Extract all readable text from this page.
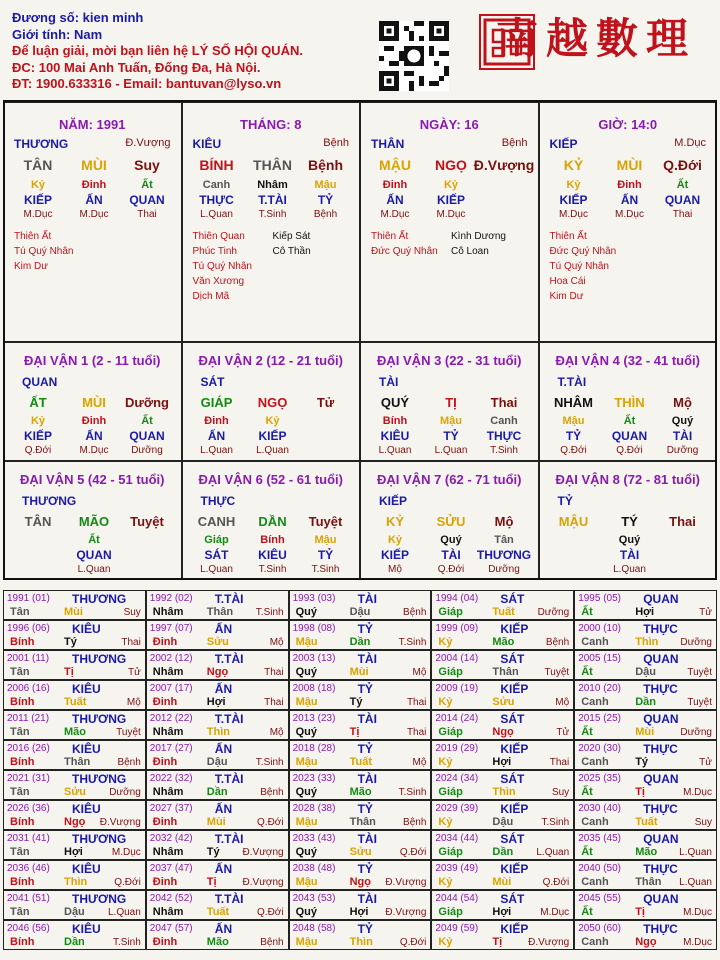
Đương số: kien minh
Giới tính: Nam
Để luận giải, mời bạn liên hệ LÝ SỐ HỘI QUÁN.
ĐC: 100 Mai Anh Tuấn, Đống Đa, Hà Nội.
ĐT: 1900.633316 - Email: bantuvan@lyso.vn
南越數理
NĂM: 1991
THƯƠNG	Đ.Vượng
TÂN MÙI Suy
Kỷ	Đinh	Ất
KIẾP	ẤN QUAN
M.Dục	M.Dục	Thai
Thiên Ất
Tú Quý Nhân
Kim Dư
THÁNG: 8
KIÊU	Bệnh
BÍNH THÂN Bệnh
Canh Nhâm Mậu
THỰC T.TÀI	TỶ
L.Quan	T.Sinh	Bệnh
Thiên Quan
Phúc Tinh
Tú Quý Nhân
Văn Xương
Dịch Mã
Kiếp Sát
Cô Thần
NGÀY: 16
THÂN	Bệnh
MẬU NGỌ Đ.Vượng
Đinh	Kỷ
ẤN	KIẾP
M.Dục	M.Dục
Thiên Ất
Đức Quý Nhân
Kình Dương
Cô Loan
GIỜ: 14:0
KIẾP	M.Dục
KỶ MÙI Q.Đới
Kỷ	Đinh	Ất
KIẾP	ẤN QUAN
M.Dục	M.Dục	Thai
Thiên Ất
Đức Quý Nhân
Tú Quý Nhân
Hoa Cái
Kim Dư
ĐẠI VẬN 1 (2 - 11 tuổi)
QUAN
ẤT	MÙI Dưỡng
Kỷ	Đinh	Ất
KIẾP	ẤN QUAN
Q.Đới	M.Dục Dưỡng
ĐẠI VẬN 2 (12 - 21 tuổi)
SÁT
GIÁP NGỌ Tử
Đinh	Kỷ
ẤN	KIẾP
L.Quan L.Quan
ĐẠI VẬN 3 (22 - 31 tuổi)
TÀI
QUÝ	TỊ	Thai
Bính	Mậu	Canh
KIÊU	TỶ THỰC
L.Quan L.Quan T.Sinh
ĐẠI VẬN 4 (32 - 41 tuổi)
T.TÀI
NHÂM THÌN Mộ
Mậu	Ất	Quý
TỶ	QUAN TÀI
Q.Đới	Q.Đới Dưỡng
ĐẠI VẬN 5 (42 - 51 tuổi)
THƯƠNG
TÂN MÃO Tuyệt
Ất
QUAN
L.Quan
ĐẠI VẬN 6 (52 - 61 tuổi)
THỰC
CANH DẦN Tuyệt
Giáp	Bính	Mậu
SÁT KIÊU	TỶ
L.Quan	T.Sinh	T.Sinh
ĐẠI VẬN 7 (62 - 71 tuổi)
KIẾP
KỶ	SỬU Mộ
Kỷ	Quý	Tân
KIẾP	TÀI THƯƠNG
Mộ	Q.Đới Dưỡng
ĐẠI VẬN 8 (72 - 81 tuổi)
TỶ
MẬU	TÝ Thai
Quý
TÀI
L.Quan
1991 (01) THƯƠNG
Tân	Mùi	Suy
1992 (02) T.TÀI
Nhâm Thân T.Sinh
1993 (03) TÀI
Quý	Dậu	Bệnh
1994 (04) SÁT
Giáp	Tuất Dưỡng
1995 (05) QUAN
Ất	Hợi	Tử
1996 (06) KIÊU
Bính	Tý	Thai
1997 (07) ẤN
Đinh	Sửu	Mộ
1998 (08) TỶ
Mậu	Dần	T.Sinh
1999 (09) KIẾP
Kỷ	Mão	Bệnh
2000 (10) THỰC
Canh Thìn Dưỡng
2001 (11) THƯƠNG
Tân	Tị	Tử
2002 (12) T.TÀI
Nhâm Ngọ	Thai
2003 (13) TÀI
Quý	Mùi	Mộ
2004 (14) SÁT
Giáp	Thân	Tuyệt
2005 (15) QUAN
Ất	Dậu	Tuyệt
2006 (16) KIÊU
Bính	Tuất	Mộ
2007 (17) ẤN
Đinh	Hợi	Thai
2008 (18) TỶ
Mậu	Tý	Thai
2009 (19) KIẾP
Kỷ	Sửu	Mộ
2010 (20) THỰC
Canh Dần	Tuyệt
2011 (21) THƯƠNG
Tân	Mão	Tuyệt
2012 (22) T.TÀI
Nhâm Thìn	Mộ
2013 (23) TÀI
Quý	Tị	Thai
2014 (24) SÁT
Giáp	Ngọ	Tử
2015 (25) QUAN
Ất	Mùi	Dưỡng
2016 (26) KIÊU
Bính	Thân	Bệnh
2017 (27) ẤN
Đinh	Dậu	T.Sinh
2018 (28) TỶ
Mậu	Tuất	Mộ
2019 (29) KIẾP
Kỷ	Hợi	Thai
2020 (30) THỰC
Canh Tý	Tử
2021 (31) THƯƠNG
Tân	Sửu Dưỡng
2022 (32) T.TÀI
Nhâm Dần	Bệnh
2023 (33) TÀI
Quý	Mão	T.Sinh
2024 (34) SÁT
Giáp	Thìn	Suy
2025 (35) QUAN
Ất	Tị	M.Dục
2026 (36) KIÊU
Bính	Ngọ Đ.Vượng
2027 (37) ẤN
Đinh	Mùi	Q.Đới
2028 (38) TỶ
Mậu	Thân	Bệnh
2029 (39) KIẾP
Kỷ	Dậu	T.Sinh
2030 (40) THỰC
Canh Tuất	Suy
2031 (41) THƯƠNG
Tân	Hợi	M.Dục
2032 (42) T.TÀI
Nhâm Tý Đ.Vượng
2033 (43) TÀI
Quý	Sửu	Q.Đới
2034 (44) SÁT
Giáp	Dần L.Quan
2035 (45) QUAN
Ất	Mão L.Quan
2036 (46) KIÊU
Bính	Thìn	Q.Đới
2037 (47) ẤN
Đinh	Tị	Đ.Vượng
2038 (48) TỶ
Mậu	Ngọ Đ.Vượng
2039 (49) KIẾP
Kỷ	Mùi	Q.Đới
2040 (50) THỰC
Canh Thân L.Quan
2041 (51) THƯƠNG
Tân	Dậu L.Quan
2042 (52) T.TÀI
Nhâm Tuất	Q.Đới
2043 (53) TÀI
Quý	Hợi Đ.Vượng
2044 (54) SÁT
Giáp	Hợi	M.Dục
2045 (55) QUAN
Ất	Tị	M.Dục
2046 (56) KIÊU
Bính	Dần	T.Sinh
2047 (57) ẤN
Đinh	Mão	Bệnh
2048 (58) TỶ
Mậu	Thìn	Q.Đới
2049 (59) KIẾP
Kỷ	Tị	Đ.Vượng
2050 (60) THỰC
Canh Ngọ	M.Dục
